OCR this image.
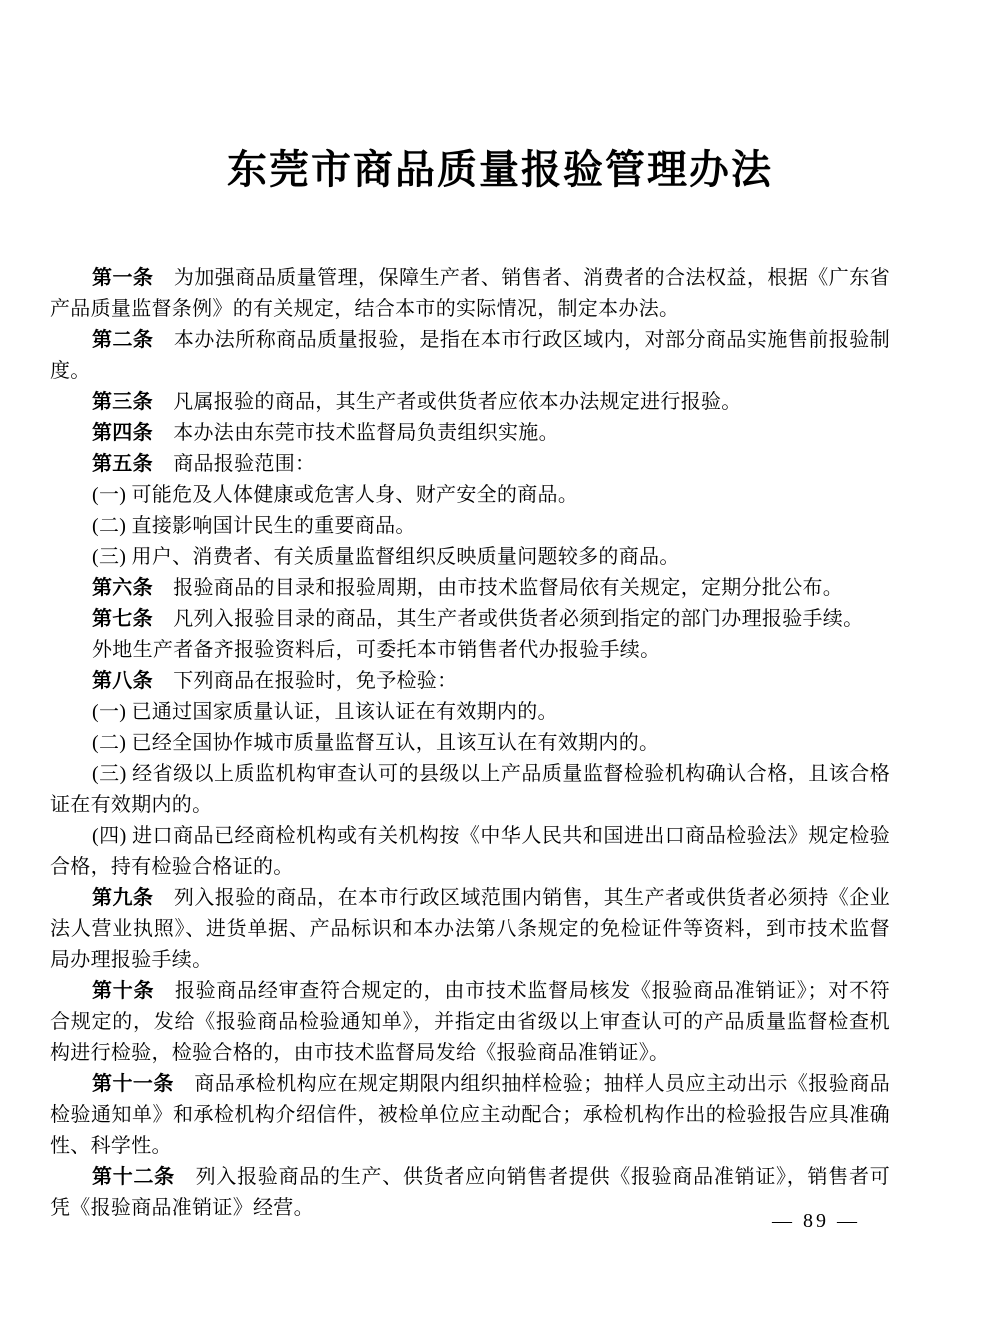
东莞市商品质量报验管理办法

第一条　为加强商品质量管理，保障生产者、销售者、消费者的合法权益，根据《广东省产品质量监督条例》的有关规定，结合本市的实际情况，制定本办法。

第二条　本办法所称商品质量报验，是指在本市行政区域内，对部分商品实施售前报验制度。

第三条　凡属报验的商品，其生产者或供货者应依本办法规定进行报验。

第四条　本办法由东莞市技术监督局负责组织实施。

第五条　商品报验范围：

(一) 可能危及人体健康或危害人身、财产安全的商品。

(二) 直接影响国计民生的重要商品。

(三) 用户、消费者、有关质量监督组织反映质量问题较多的商品。

第六条　报验商品的目录和报验周期，由市技术监督局依有关规定，定期分批公布。

第七条　凡列入报验目录的商品，其生产者或供货者必须到指定的部门办理报验手续。

外地生产者备齐报验资料后，可委托本市销售者代办报验手续。

第八条　下列商品在报验时，免予检验：

(一) 已通过国家质量认证，且该认证在有效期内的。

(二) 已经全国协作城市质量监督互认，且该互认在有效期内的。

(三) 经省级以上质监机构审查认可的县级以上产品质量监督检验机构确认合格，且该合格证在有效期内的。

(四) 进口商品已经商检机构或有关机构按《中华人民共和国进出口商品检验法》规定检验合格，持有检验合格证的。

第九条　列入报验的商品，在本市行政区域范围内销售，其生产者或供货者必须持《企业法人营业执照》、进货单据、产品标识和本办法第八条规定的免检证件等资料，到市技术监督局办理报验手续。

第十条　报验商品经审查符合规定的，由市技术监督局核发《报验商品准销证》；对不符合规定的，发给《报验商品检验通知单》，并指定由省级以上审查认可的产品质量监督检查机构进行检验，检验合格的，由市技术监督局发给《报验商品准销证》。

第十一条　商品承检机构应在规定期限内组织抽样检验；抽样人员应主动出示《报验商品检验通知单》和承检机构介绍信件，被检单位应主动配合；承检机构作出的检验报告应具准确性、科学性。

第十二条　列入报验商品的生产、供货者应向销售者提供《报验商品准销证》，销售者可凭《报验商品准销证》经营。

— 89 —
